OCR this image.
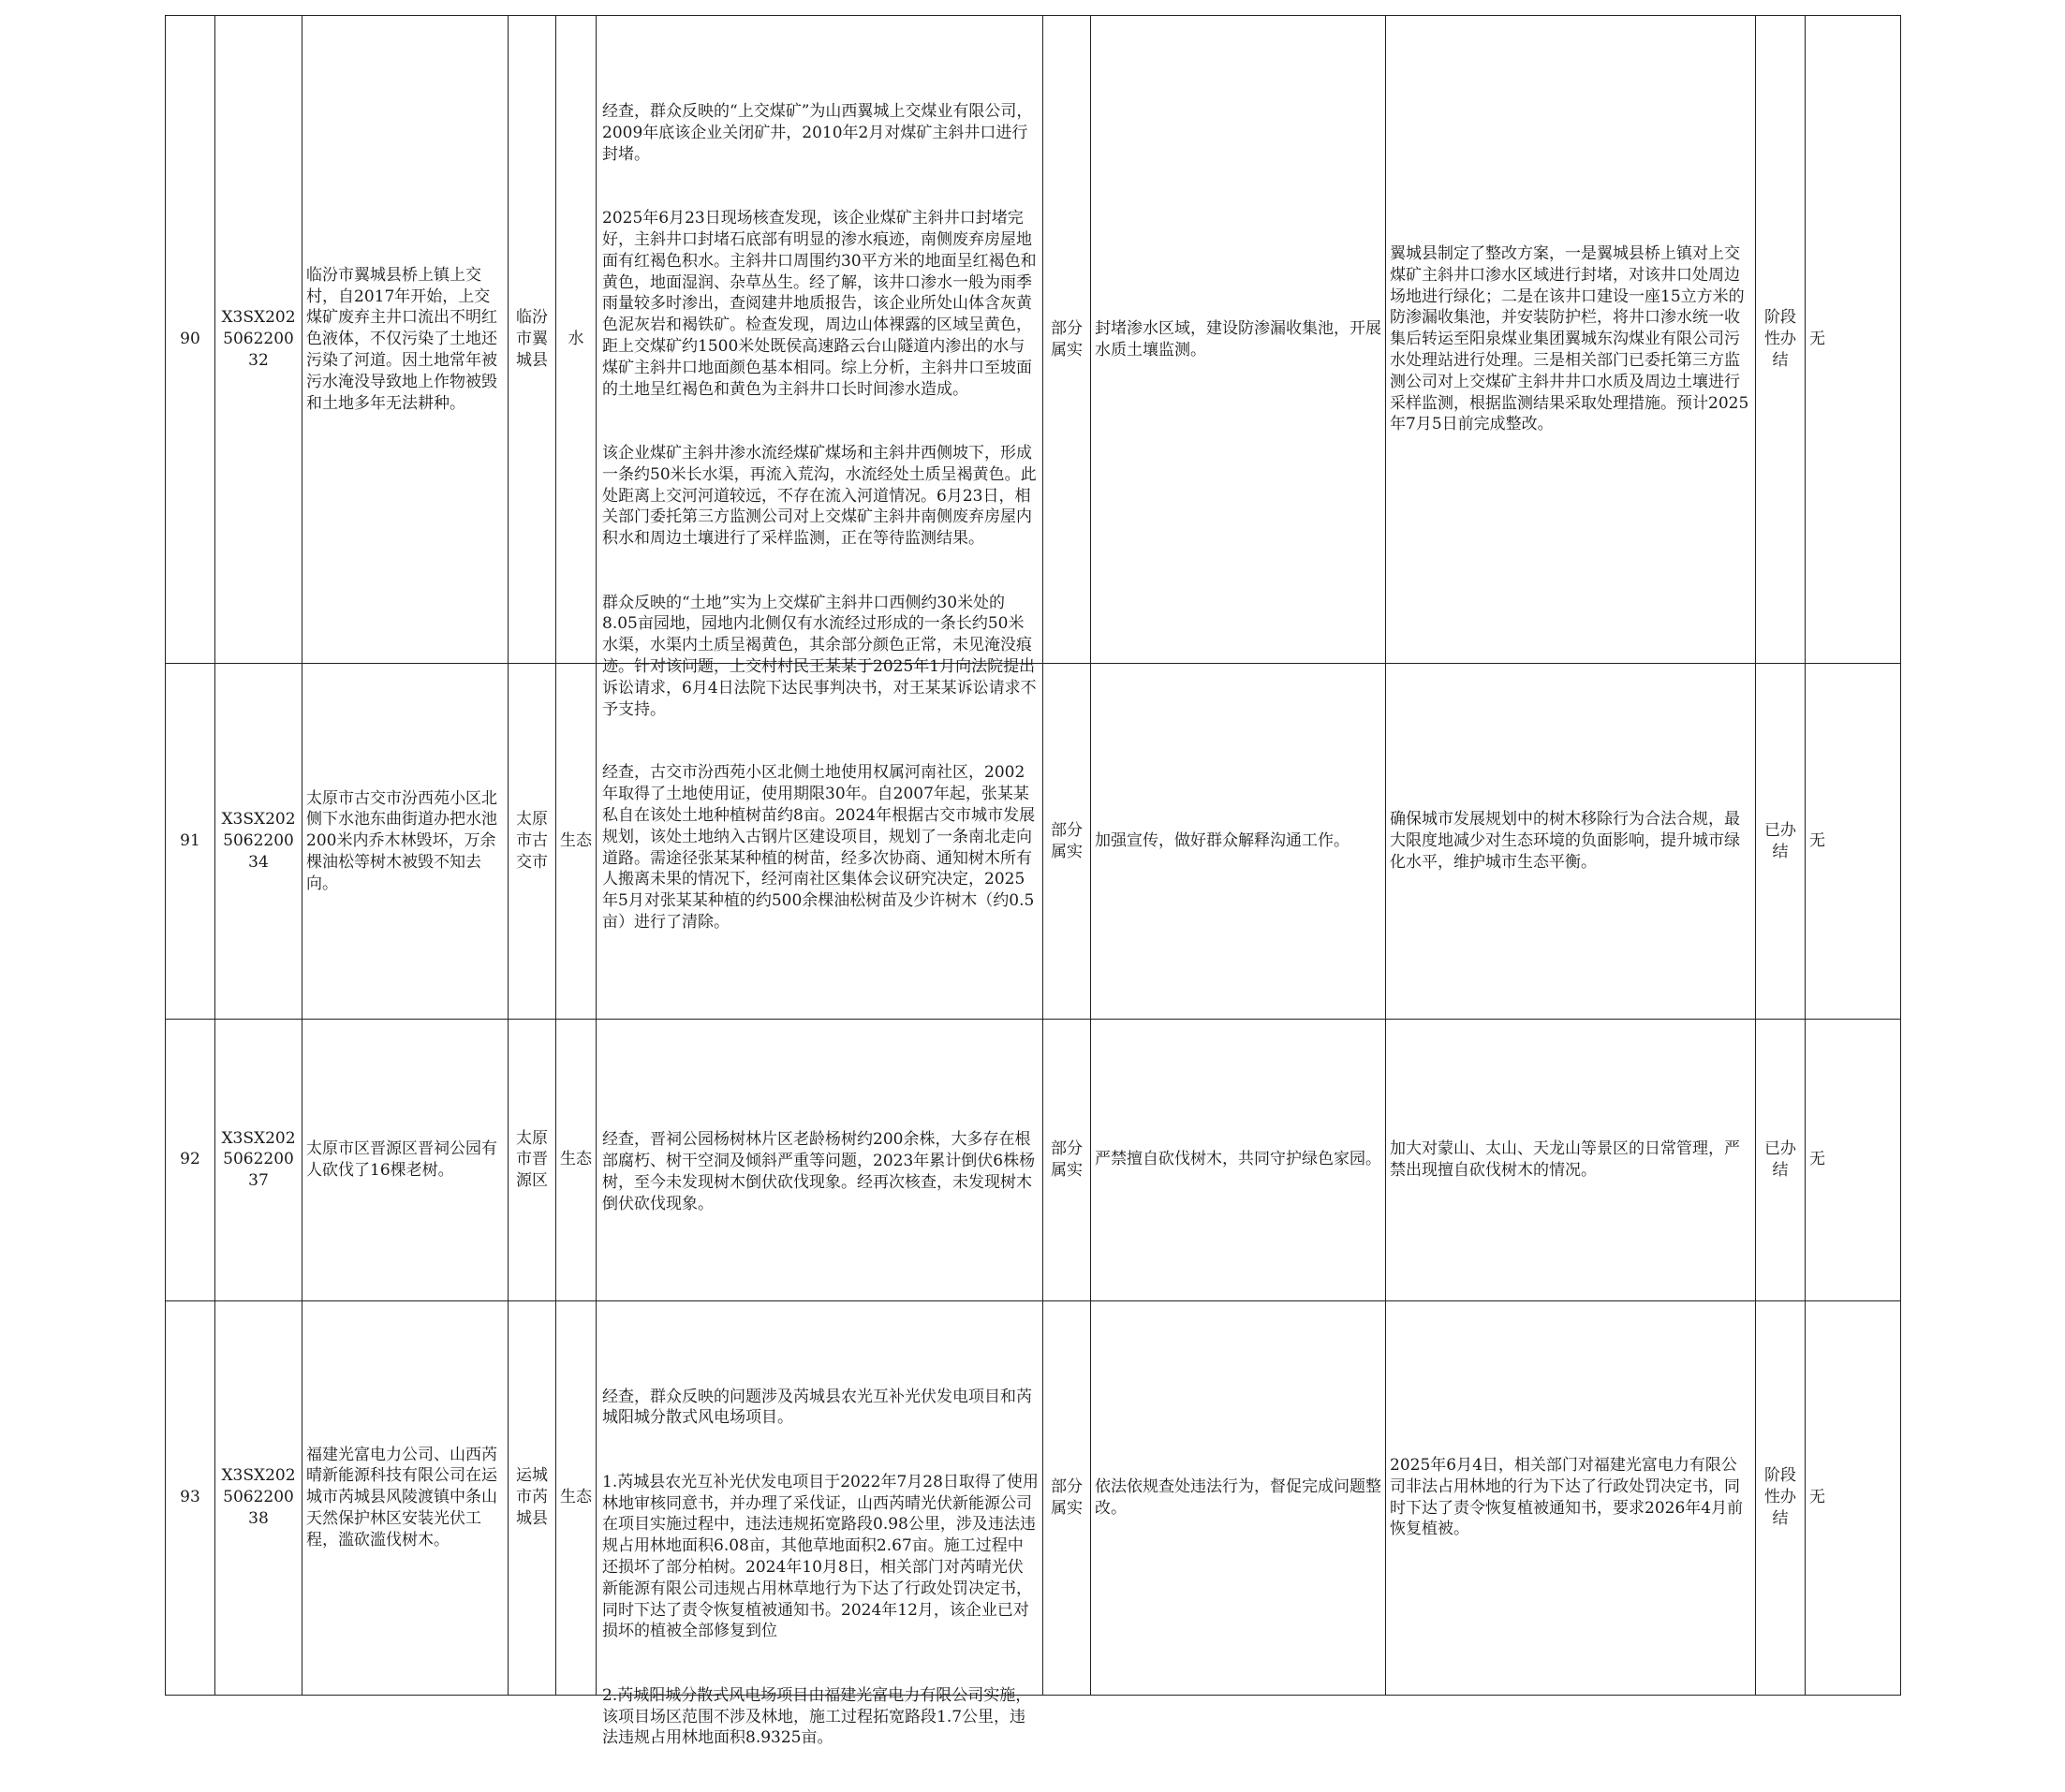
90	X3SX2025062200 32	临汾市翼城县桥上镇上交村，自2017年开始，上交煤矿废弃主井口流出不明红色液体，不仅污染了土地还污染了河道。因土地常年被污水淹没导致地上作物被毁和土地多年无法耕种。	临汾市翼城县	水	经查，群众反映的“上交煤矿”为山西翼城上交煤业有限公司，2009年底该企业关闭矿井，2010年2月对煤矿主斜井口进行封堵。

2025年6月23日现场核查发现，该企业煤矿主斜井口封堵完好，主斜井口封堵石底部有明显的渗水痕迹，南侧废弃房屋地面有红褐色积水。主斜井口周围约30平方米的地面呈红褐色和黄色，地面湿润、杂草丛生。经了解，该井口渗水一般为雨季雨量较多时渗出，查阅建井地质报告，该企业所处山体含灰黄色泥灰岩和褐铁矿。检查发现，周边山体裸露的区域呈黄色，距上交煤矿约1500米处既侯高速路云台山隧道内渗出的水与煤矿主斜井口地面颜色基本相同。综上分析，主斜井口至坡面的土地呈红褐色和黄色为主斜井口长时间渗水造成。

该企业煤矿主斜井渗水流经煤矿煤场和主斜井西侧坡下，形成一条约50米长水渠，再流入荒沟，水流经处土质呈褐黄色。此处距离上交河河道较远，不存在流入河道情况。6月23日，相关部门委托第三方监测公司对上交煤矿主斜井南侧废弃房屋内积水和周边土壤进行了采样监测，正在等待监测结果。

群众反映的“土地”实为上交煤矿主斜井口西侧约30米处的8.05亩园地，园地内北侧仅有水流经过形成的一条长约50米水渠，水渠内土质呈褐黄色，其余部分颜色正常，未见淹没痕迹。针对该问题，上交村村民王某某于2025年1月向法院提出诉讼请求，6月4日法院下达民事判决书，对王某某诉讼请求不予支持。	部分属实	封堵渗水区域，建设防渗漏收集池，开展水质土壤监测。	翼城县制定了整改方案，一是翼城县桥上镇对上交煤矿主斜井口渗水区域进行封堵，对该井口处周边场地进行绿化；二是在该井口建设一座15立方米的防渗漏收集池，并安装防护栏，将井口渗水统一收集后转运至阳泉煤业集团翼城东沟煤业有限公司污水处理站进行处理。三是相关部门已委托第三方监测公司对上交煤矿主斜井井口水质及周边土壤进行采样监测，根据监测结果采取处理措施。预计2025年7月5日前完成整改。	阶段性办结	无
91	X3SX2025062200 34	太原市古交市汾西苑小区北侧下水池东曲街道办把水池200米内乔木林毁坏，万余棵油松等树木被毁不知去向。	太原市古交市	生态	经查，古交市汾西苑小区北侧土地使用权属河南社区，2002年取得了土地使用证，使用期限30年。自2007年起，张某某私自在该处土地种植树苗约8亩。2024年根据古交市城市发展规划，该处土地纳入古钢片区建设项目，规划了一条南北走向道路。需途径张某某种植的树苗，经多次协商、通知树木所有人搬离未果的情况下，经河南社区集体会议研究决定，2025年5月对张某某种植的约500余棵油松树苗及少许树木（约0.5亩）进行了清除。	部分属实	加强宣传，做好群众解释沟通工作。	确保城市发展规划中的树木移除行为合法合规，最大限度地减少对生态环境的负面影响，提升城市绿化水平，维护城市生态平衡。	已办结	无
92	X3SX2025062200 37	太原市区晋源区晋祠公园有人砍伐了16棵老树。	太原市晋源区	生态	经查，晋祠公园杨树林片区老龄杨树约200余株，大多存在根部腐朽、树干空洞及倾斜严重等问题，2023年累计倒伏6株杨树，至今未发现树木倒伏砍伐现象。经再次核查，未发现树木倒伏砍伐现象。	部分属实	严禁擅自砍伐树木，共同守护绿色家园。	加大对蒙山、太山、天龙山等景区的日常管理，严禁出现擅自砍伐树木的情况。	已办结	无
93	X3SX2025062200 38	福建光富电力公司、山西芮晴新能源科技有限公司在运城市芮城县风陵渡镇中条山天然保护林区安装光伏工程，滥砍滥伐树木。	运城市芮城县	生态	经查，群众反映的问题涉及芮城县农光互补光伏发电项目和芮城阳城分散式风电场项目。

1.芮城县农光互补光伏发电项目于2022年7月28日取得了使用林地审核同意书，并办理了采伐证，山西芮晴光伏新能源公司在项目实施过程中，违法违规拓宽路段0.98公里，涉及违法违规占用林地面积6.08亩，其他草地面积2.67亩。施工过程中还损坏了部分柏树。2024年10月8日，相关部门对芮晴光伏新能源有限公司违规占用林草地行为下达了行政处罚决定书，同时下达了责令恢复植被通知书。2024年12月，该企业已对损坏的植被全部修复到位

2.芮城阳城分散式风电场项目由福建光富电力有限公司实施，该项目场区范围不涉及林地，施工过程拓宽路段1.7公里，违法违规占用林地面积8.9325亩。	部分属实	依法依规查处违法行为，督促完成问题整改。	2025年6月4日，相关部门对福建光富电力有限公司非法占用林地的行为下达了行政处罚决定书，同时下达了责令恢复植被通知书，要求2026年4月前恢复植被。	阶段性办结	无
